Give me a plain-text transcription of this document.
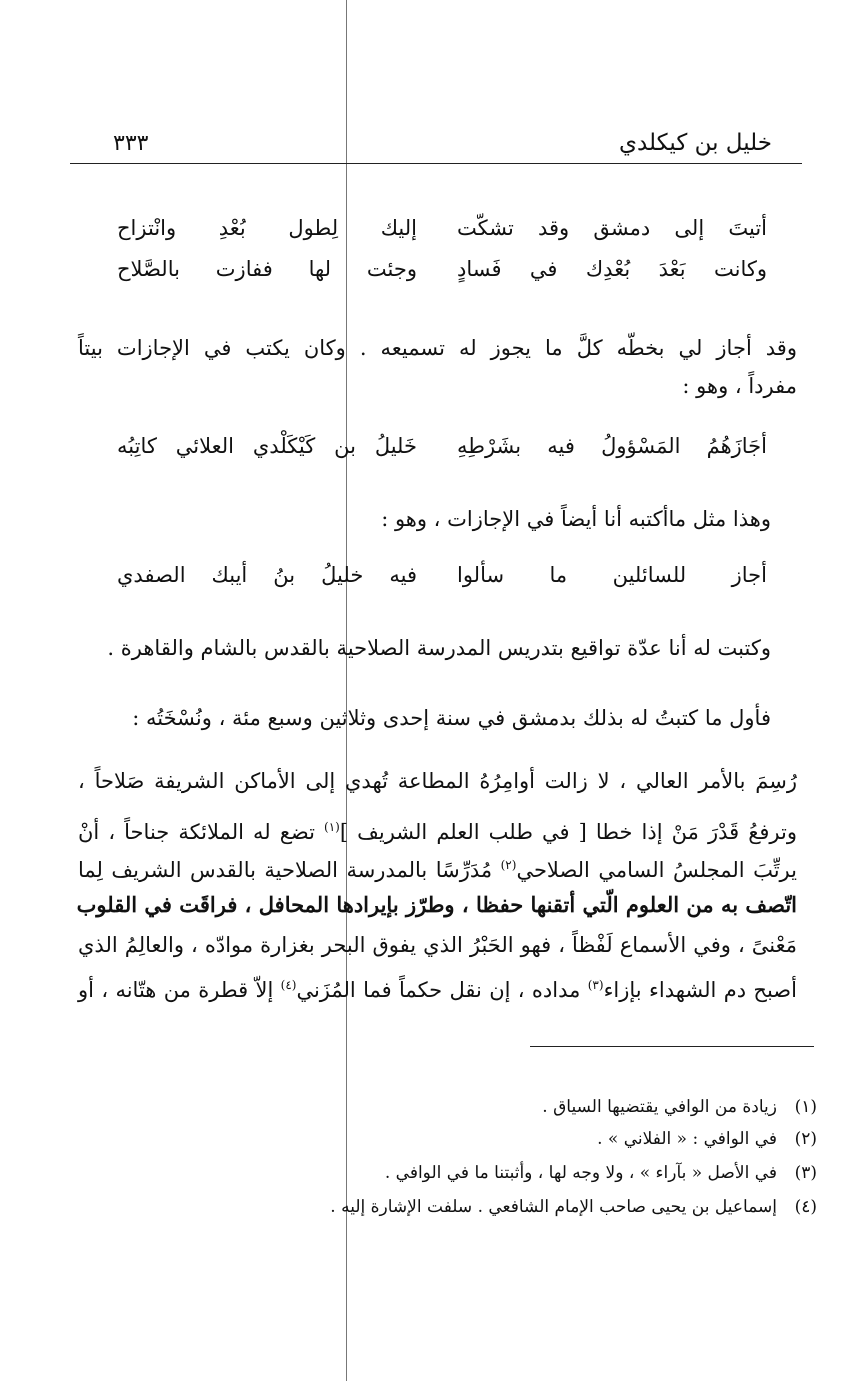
خليل بن كيكلدي
٣٣٣
أتيتَ إلى دمشق وقد تشكّت
إليك لِطول بُعْدِ وانْتزاح
وكانت بَعْدَ بُعْدِك في فَسادٍ
وجئت لها ففازت بالصَّلاح
وقد أجاز لي بخطّه كلَّ ما يجوز له تسميعه . وكان يكتب في الإجازات بيتاً
مفرداً ، وهو :
أجَازَهُمُ المَسْؤولُ فيه بشَرْطِهِ
خَليلُ بن كَيْكَلْدي العلائي كاتِبُه
وهذا مثل ماأكتبه أنا أيضاً في الإجازات ، وهو :
أجاز للسائلين ما سألوا
فيه خليلُ بنُ أيبك الصفدي
وكتبت له أنا عدّة تواقيع بتدريس المدرسة الصلاحية بالقدس بالشام والقاهرة .
فأول ما كتبتُ له بذلك بدمشق في سنة إحدى وثلاثين وسبع مئة ، ونُسْخَتُه :
رُسِمَ بالأمر العالي ، لا زالت أوامِرُهُ المطاعة تُهدي إلى الأماكن الشريفة صَلاحاً ،
وترفعُ قَدْرَ مَنْ إذا خطا [ في طلب العلم الشريف ]$^{(١)}$ تضع له الملائكة جناحاً ، أنْ
يرتِّبَ المجلسُ السامي الصلاحي$^{(٢)}$ مُدَرِّسًا بالمدرسة الصلاحية بالقدس الشريف لِما
اتّصف به من العلوم الّتي أتقنها حفظا ، وطرّز بإيرادها المحافل ، فراقَت في القلوب
مَعْنىً ، وفي الأسماع لَفْظاً ، فهو الحَبْرُ الذي يفوق البحر بغزارة موادّه ، والعالِمُ الذي
أصبح دم الشهداء بإزاء$^{(٣)}$ مداده ، إن نقل حكماً فما المُزَني$^{(٤)}$ إلاّ قطرة من هتّانه ، أو
(١)زيادة من الوافي يقتضيها السياق .
(٢)في الوافي : « الفلاني » .
(٣)في الأصل « بآراء » ، ولا وجه لها ، وأثبتنا ما في الوافي .
(٤)إسماعيل بن يحيى صاحب الإمام الشافعي . سلفت الإشارة إليه .
